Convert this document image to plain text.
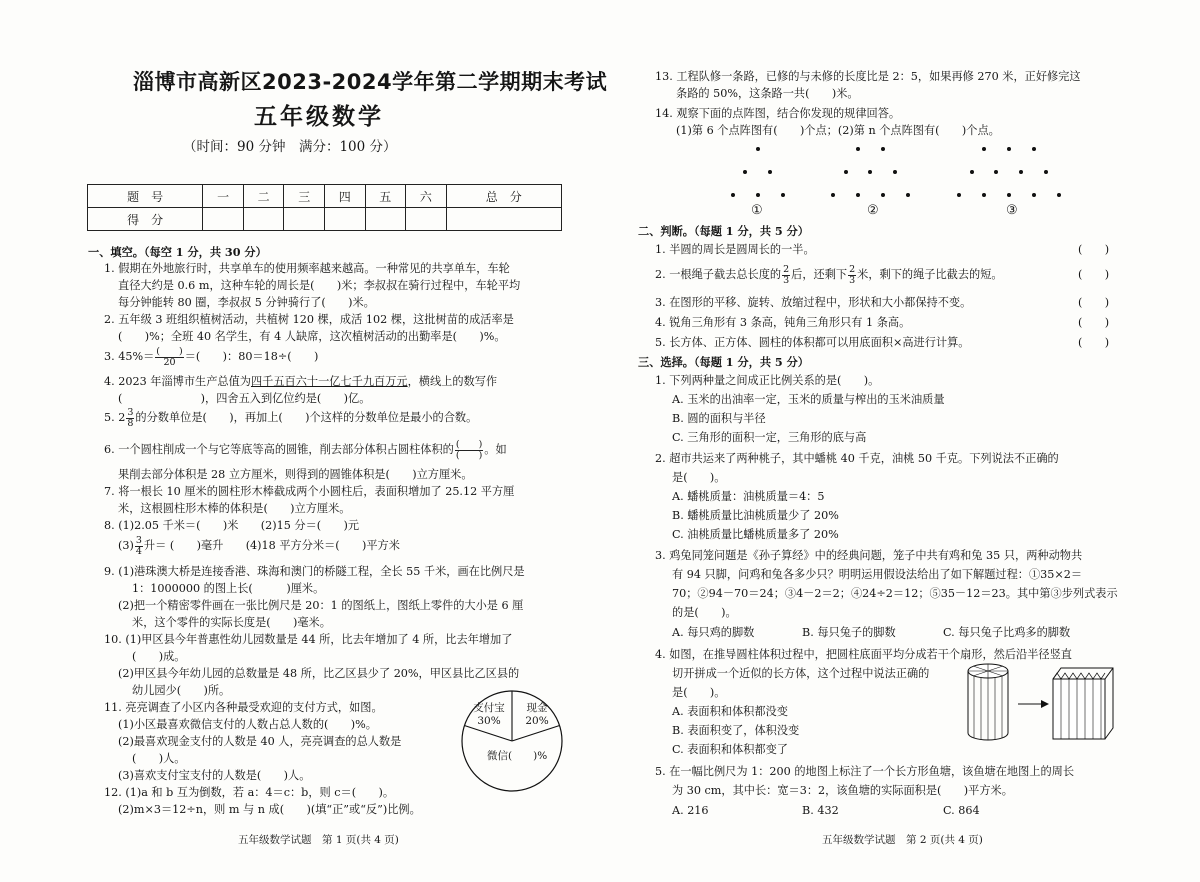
淄博市高新区2023-2024学年第二学期期末考试
五年级数学
（时间：90 分钟　满分：100 分）
题　号	一	二	三	四	五	六	总　分
得　分							
一、填空。（每空 1 分，共 30 分）
1. 假期在外地旅行时，共享单车的使用频率越来越高。一种常见的共享单车，车轮
直径大约是 0.6 m，这种车轮的周长是(　　)米；李叔叔在骑行过程中，车轮平均
每分钟能转 80 圈，李叔叔 5 分钟骑行了(　　)米。
2. 五年级 3 班组织植树活动，共植树 120 棵，成活 102 棵，这批树苗的成活率是
(　　)%；全班 40 名学生，有 4 人缺席，这次植树活动的出勤率是(　　)%。
3. $45\%= \frac{( )}{20}$ ＝(　　)：80＝18÷(　　)
4. 2023 年淄博市生产总值为四千五百六十一亿七千九百万元，横线上的数写作
(　　　　　　　)，四舍五入到亿位约是(　　)亿。
5. $2 \frac{3}{8}$ 的分数单位是(　　)，再加上(　　)个这样的分数单位是最小的合数。
6. 一个圆柱削成一个与它等底等高的圆锥，削去部分体积占圆柱体积的 $\frac{( )}{( )}$ 。如
果削去部分体积是 28 立方厘米，则得到的圆锥体积是(　　)立方厘米。
7. 将一根长 10 厘米的圆柱形木棒截成两个小圆柱后，表面积增加了 25.12 平方厘
米，这根圆柱形木棒的体积是(　　)立方厘米。
8. (1)2.05 千米＝(　　)米　　(2)15 分＝(　　)元
$(3) \frac{3}{4}$ 升＝ (　　)毫升　　(4)18 平方分米＝(　　)平方米
9. (1)港珠澳大桥是连接香港、珠海和澳门的桥隧工程，全长 55 千米，画在比例尺是
1：1000000 的图上长(　　　)厘米。
(2)把一个精密零件画在一张比例尺是 20：1 的图纸上，图纸上零件的大小是 6 厘
米，这个零件的实际长度是(　　)毫米。
10. (1)甲区县今年普惠性幼儿园数量是 44 所，比去年增加了 4 所，比去年增加了
(　　)成。
(2)甲区县今年幼儿园的总数量是 48 所，比乙区县少了 20%，甲区县比乙区县的
幼儿园少(　　)所。
11. 亮亮调查了小区内各种最受欢迎的支付方式，如图。
(1)小区最喜欢微信支付的人数占总人数的(　　)%。
(2)最喜欢现金支付的人数是 40 人，亮亮调查的总人数是
(　　)人。
(3)喜欢支付宝支付的人数是(　　)人。
支付宝
30%
现金
20%
微信(　　)%
12. (1)a 和 b 互为倒数，若 a：4＝c：b，则 c＝(　　)。
(2)m×3＝12÷n，则 m 与 n 成(　　)(填“正”或“反”)比例。
五年级数学试题　第 1 页(共 4 页)
13. 工程队修一条路，已修的与未修的长度比是 2：5，如果再修 270 米，正好修完这
条路的 50%，这条路一共(　　)米。
14. 观察下面的点阵图，结合你发现的规律回答。
(1)第 6 个点阵图有(　　)个点；(2)第 n 个点阵图有(　　)个点。
①	②	③
二、判断。（每题 1 分，共 5 分）
1. 半圆的周长是圆周长的一半。	(　　)
2. 一根绳子截去总长度的 $\frac{2}{3}$ 后，还剩下 $\frac{2}{3}$ 米，剩下的绳子比截去的短。	(　　)
3. 在图形的平移、旋转、放缩过程中，形状和大小都保持不变。	(　　)
4. 锐角三角形有 3 条高，钝角三角形只有 1 条高。	(　　)
5. 长方体、正方体、圆柱的体积都可以用底面积×高进行计算。	(　　)
三、选择。（每题 1 分，共 5 分）
1. 下列两种量之间成正比例关系的是(　　)。
A. 玉米的出油率一定，玉米的质量与榨出的玉米油质量
B. 圆的面积与半径
C. 三角形的面积一定，三角形的底与高
2. 超市共运来了两种桃子，其中蟠桃 40 千克，油桃 50 千克。下列说法不正确的
是(　　)。
A. 蟠桃质量：油桃质量＝4：5
B. 蟠桃质量比油桃质量少了 20%
C. 油桃质量比蟠桃质量多了 20%
3. 鸡兔同笼问题是《孙子算经》中的经典问题，笼子中共有鸡和兔 35 只，两种动物共
有 94 只脚，问鸡和兔各多少只？明明运用假设法给出了如下解题过程：①35×2＝
70；②94－70＝24；③4－2＝2；④24÷2＝12；⑤35－12＝23。其中第③步列式表示
的是(　　)。
A. 每只鸡的脚数	B. 每只兔子的脚数	C. 每只兔子比鸡多的脚数
4. 如图，在推导圆柱体积过程中，把圆柱底面平均分成若干个扇形，然后沿半径竖直
切开拼成一个近似的长方体，这个过程中说法正确的
是(　　)。
A. 表面积和体积都没变
B. 表面积变了，体积没变
C. 表面积和体积都变了
5. 在一幅比例尺为 1：200 的地图上标注了一个长方形鱼塘，该鱼塘在地图上的周长
为 30 cm，其中长：宽＝3：2，该鱼塘的实际面积是(　　)平方米。
A. 216	B. 432	C. 864
五年级数学试题　第 2 页(共 4 页)
